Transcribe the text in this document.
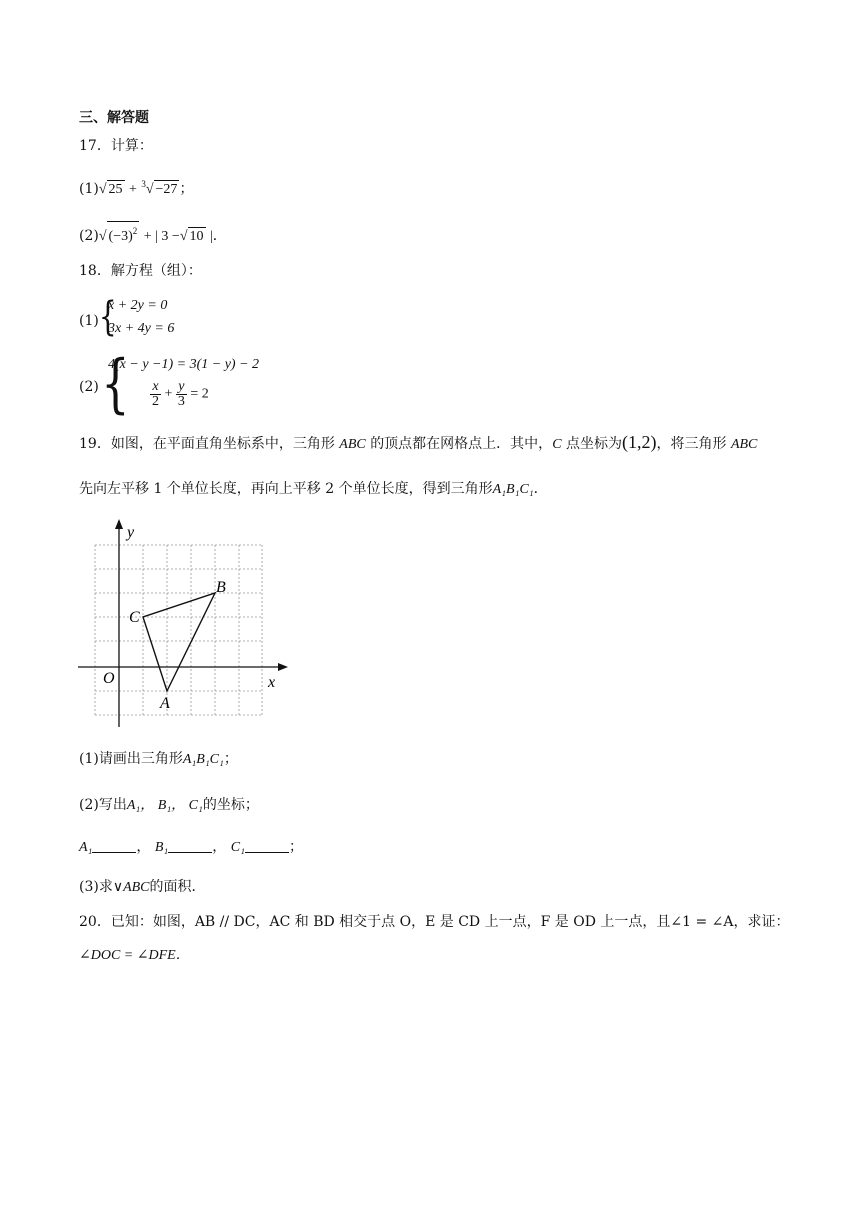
三、解答题
17．计算：
(1)√ 25 + $^3$√ −27 ；
(2)√ $(-3)^2$ + | 3 −√ 10 |．
18．解方程（组）：
(1) {
x + 2y = 0
3x + 4y = 6
(2) {
4(x − y −1) = 3(1 − y) − 2
$\frac{x}{2} + \frac{y}{3} = 2$
19．如图，在平面直角坐标系中，三角形 ABC 的顶点都在网格点上．其中，C 点坐标为(1,2)，将三角形 ABC
先向左平移 1 个单位长度，再向上平移 2 个单位长度，得到三角形A₁B₁C₁．
y
x
O
A
B
C
(1)请画出三角形A₁B₁C₁；
(2)写出A₁， B₁， C₁的坐标；
A₁	， B₁	， C₁	；
(3)求∨ABC的面积．
20．已知：如图，AB // DC，AC 和 BD 相交于点 O，E 是 CD 上一点，F 是 OD 上一点，且∠1 = ∠A，求证：
∠DOC = ∠DFE．
